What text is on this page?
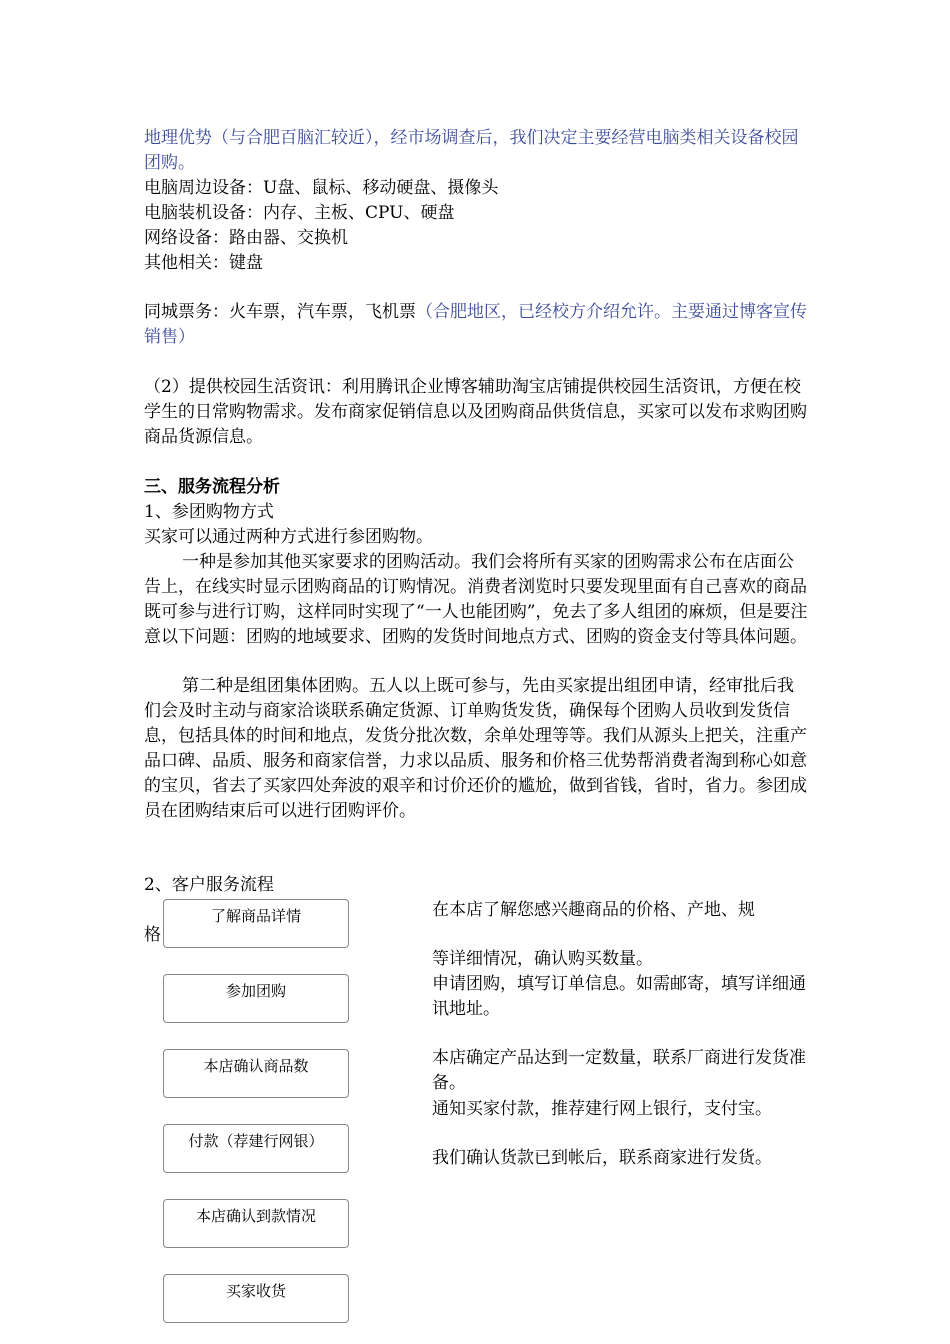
地理优势（与合肥百脑汇较近），经市场调查后，我们决定主要经营电脑类相关设备校园团购。

电脑周边设备：U盘、鼠标、移动硬盘、摄像头

电脑装机设备：内存、主板、CPU、硬盘

网络设备：路由器、交换机

其他相关：键盘

同城票务：火车票，汽车票，飞机票（合肥地区，已经校方介绍允许。主要通过博客宣传销售）

（2）提供校园生活资讯：利用腾讯企业博客辅助淘宝店铺提供校园生活资讯，方便在校学生的日常购物需求。发布商家促销信息以及团购商品供货信息，买家可以发布求购团购商品货源信息。

三、服务流程分析

1、参团购物方式

买家可以通过两种方式进行参团购物。

一种是参加其他买家要求的团购活动。我们会将所有买家的团购需求公布在店面公告上，在线实时显示团购商品的订购情况。消费者浏览时只要发现里面有自己喜欢的商品既可参与进行订购，这样同时实现了“一人也能团购”，免去了多人组团的麻烦，但是要注意以下问题：团购的地域要求、团购的发货时间地点方式、团购的资金支付等具体问题。

第二种是组团集体团购。五人以上既可参与，先由买家提出组团申请，经审批后我们会及时主动与商家洽谈联系确定货源、订单购货发货，确保每个团购人员收到发货信息，包括具体的时间和地点，发货分批次数，余单处理等等。我们从源头上把关，注重产品口碑、品质、服务和商家信誉，力求以品质、服务和价格三优势帮消费者淘到称心如意的宝贝，省去了买家四处奔波的艰辛和讨价还价的尴尬，做到省钱，省时，省力。参团成员在团购结束后可以进行团购评价。

2、客户服务流程

格
了解商品详情
参加团购
本店确认商品数
付款（荐建行网银）
本店确认到款情况
买家收货

在本店了解您感兴趣商品的价格、产地、规

等详细情况，确认购买数量。

申请团购，填写订单信息。如需邮寄，填写详细通讯地址。

本店确定产品达到一定数量，联系厂商进行发货准备。

通知买家付款，推荐建行网上银行，支付宝。

我们确认货款已到帐后，联系商家进行发货。
